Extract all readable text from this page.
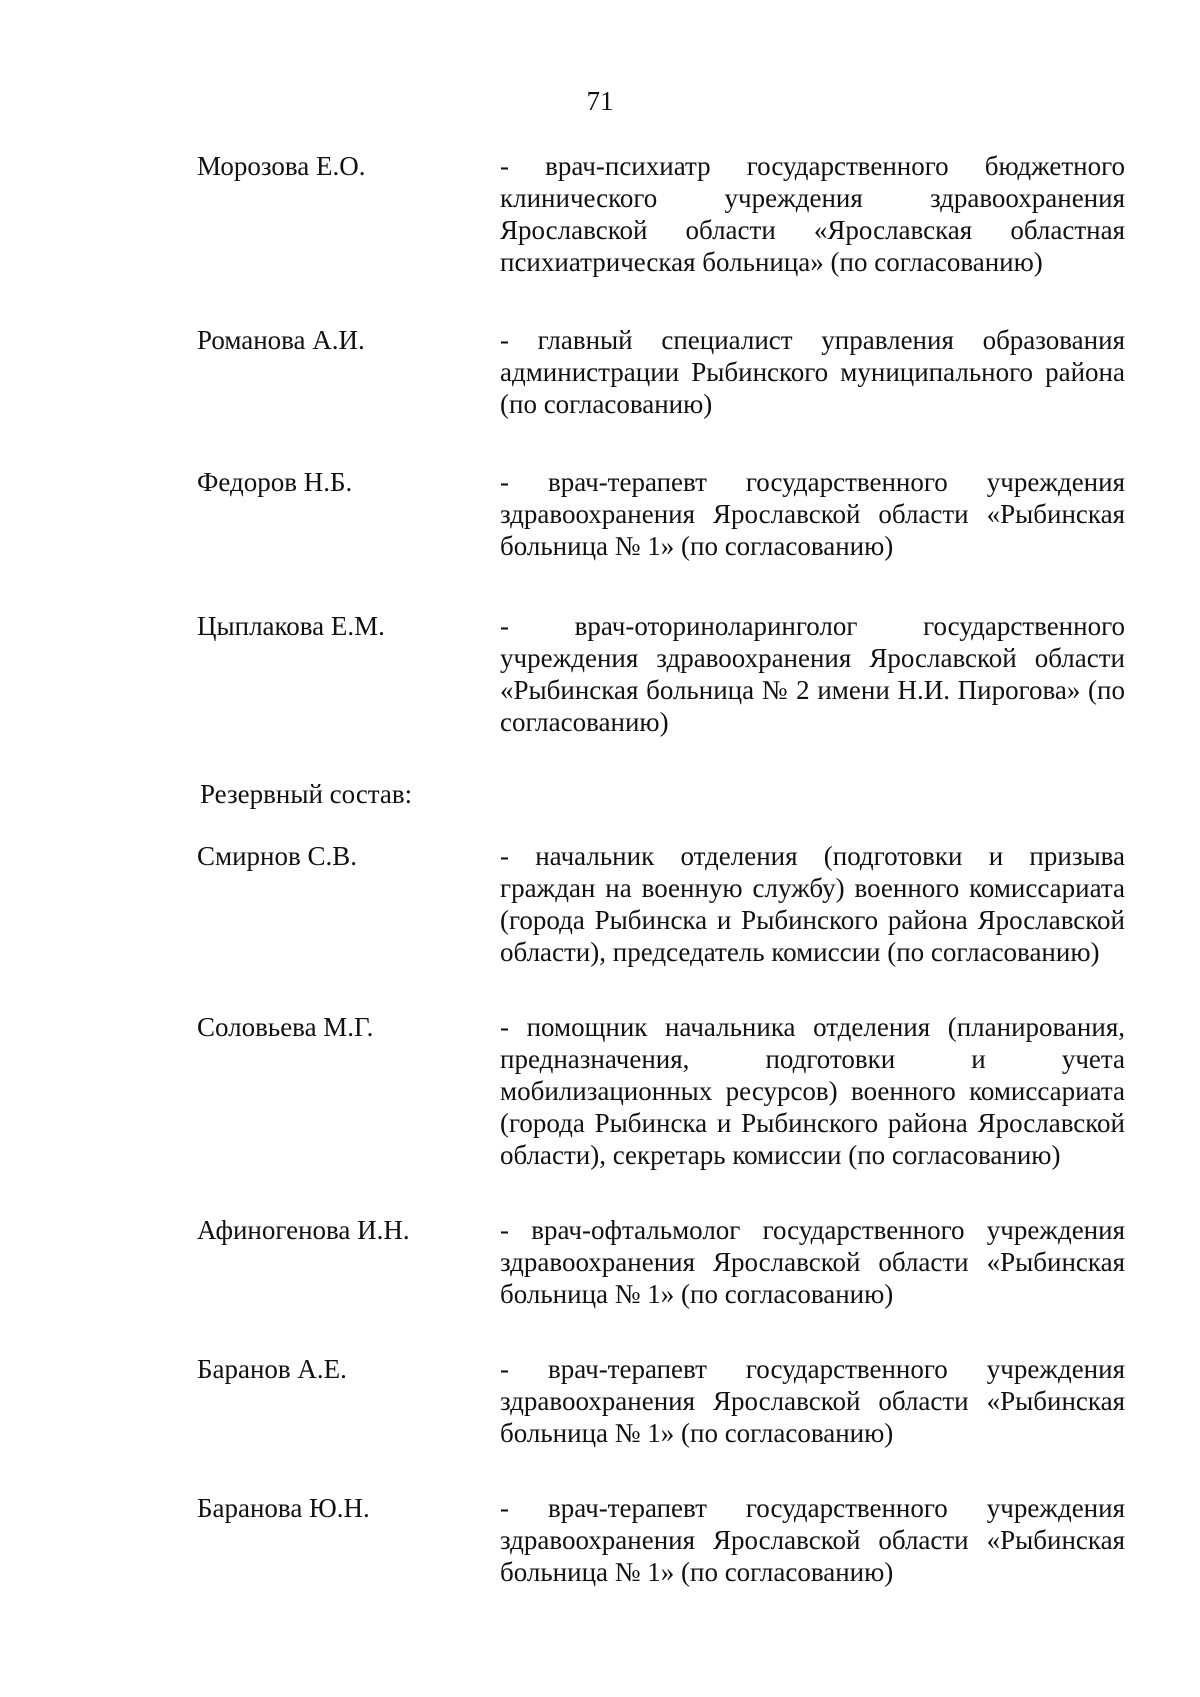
71
Морозова Е.О.	- врач-психиатр государственного бюджетного клинического учреждения здравоохранения Ярославской области «Ярославская областная психиатрическая больница» (по согласованию)
Романова А.И.	- главный специалист управления образования администрации Рыбинского муниципального района (по согласованию)
Федоров Н.Б.	- врач-терапевт государственного учреждения здравоохранения Ярославской области «Рыбинская больница № 1» (по согласованию)
Цыплакова Е.М.	- врач-оториноларинголог государственного учреждения здравоохранения Ярославской области «Рыбинская больница № 2 имени Н.И. Пирогова» (по согласованию)
Резервный состав:
Смирнов С.В.	- начальник отделения (подготовки и призыва граждан на военную службу) военного комиссариата (города Рыбинска и Рыбинского района Ярославской области), председатель комиссии (по согласованию)
Соловьева М.Г.	- помощник начальника отделения (планирования, предназначения, подготовки и учета мобилизационных ресурсов) военного комиссариата (города Рыбинска и Рыбинского района Ярославской области), секретарь комиссии (по согласованию)
Афиногенова И.Н.	- врач-офтальмолог государственного учреждения здравоохранения Ярославской области «Рыбинская больница № 1» (по согласованию)
Баранов А.Е.	- врач-терапевт государственного учреждения здравоохранения Ярославской области «Рыбинская больница № 1» (по согласованию)
Баранова Ю.Н.	- врач-терапевт государственного учреждения здравоохранения Ярославской области «Рыбинская больница № 1» (по согласованию)
